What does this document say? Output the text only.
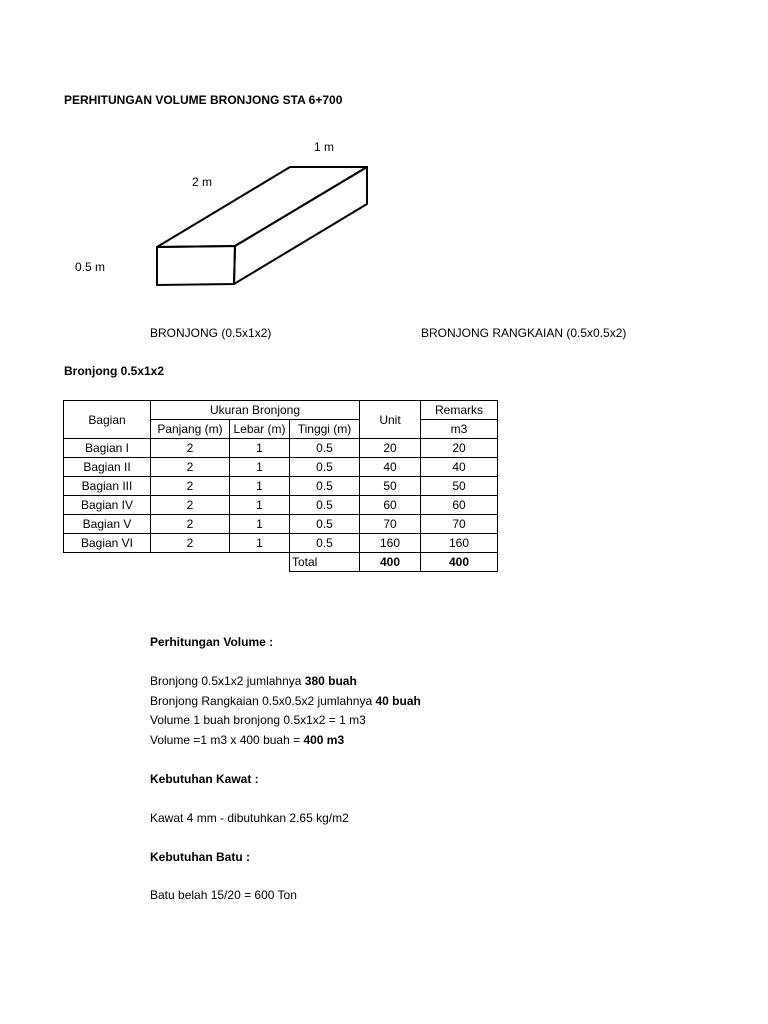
PERHITUNGAN VOLUME BRONJONG STA 6+700
1 m
2 m
0.5 m
BRONJONG (0.5x1x2)	BRONJONG RANGKAIAN (0.5x0.5x2)
Bronjong 0.5x1x2
Bagian	Ukuran Bronjong			Unit	Remarks
	Panjang (m)	Lebar (m)	Tinggi (m)		m3
Bagian I	2	1	0.5	20	20
Bagian II	2	1	0.5	40	40
Bagian III	2	1	0.5	50	50
Bagian IV	2	1	0.5	60	60
Bagian V	2	1	0.5	70	70
Bagian VI	2	1	0.5	160	160
			Total	400	400
Perhitungan Volume :
Bronjong 0.5x1x2 jumlahnya 380 buah
Bronjong Rangkaian 0.5x0.5x2 jumlahnya 40 buah
Volume 1 buah bronjong 0.5x1x2 = 1 m3
Volume =1 m3 x 400 buah = 400 m3
Kebutuhan Kawat :
Kawat 4 mm - dibutuhkan 2.65 kg/m2
Kebutuhan Batu :
Batu belah 15/20 = 600 Ton
